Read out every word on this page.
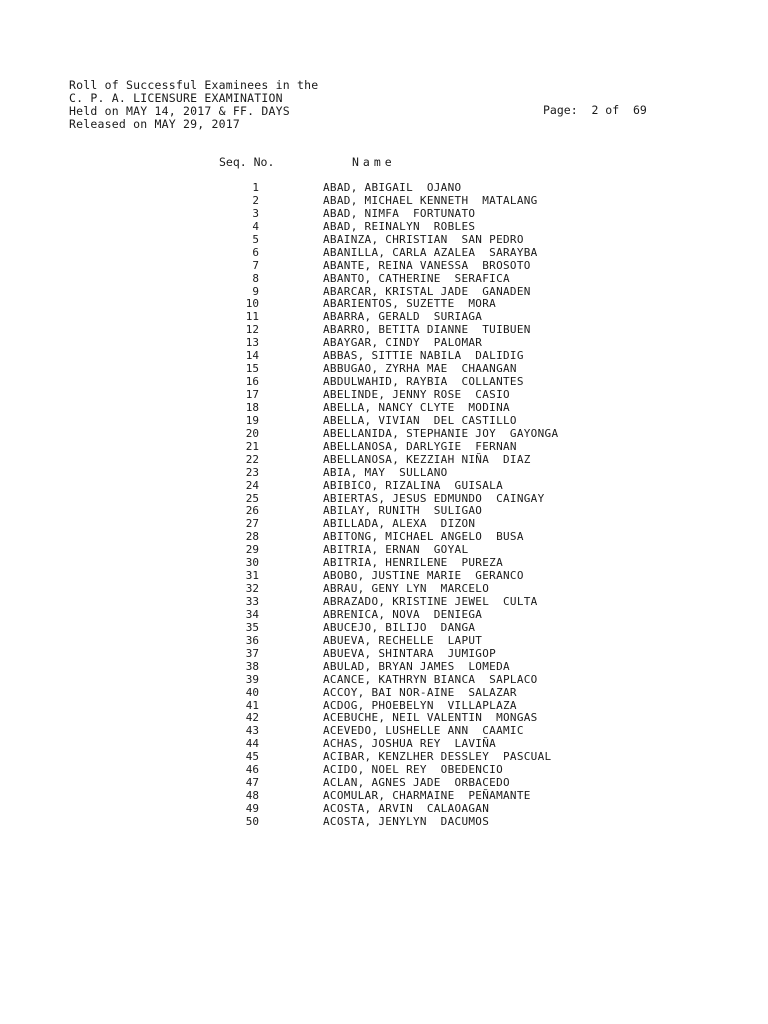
Roll of Successful Examinees in the
C. P. A. LICENSURE EXAMINATION
Held on MAY 14, 2017 & FF. DAYS
Released on MAY 29, 2017
Page:  2 of  69
Seq. No.	Name
1	ABAD, ABIGAIL  OJANO
2	ABAD, MICHAEL KENNETH  MATALANG
3	ABAD, NIMFA  FORTUNATO
4	ABAD, REINALYN  ROBLES
5	ABAINZA, CHRISTIAN  SAN PEDRO
6	ABANILLA, CARLA AZALEA  SARAYBA
7	ABANTE, REINA VANESSA  BROSOTO
8	ABANTO, CATHERINE  SERAFICA
9	ABARCAR, KRISTAL JADE  GANADEN
10	ABARIENTOS, SUZETTE  MORA
11	ABARRA, GERALD  SURIAGA
12	ABARRO, BETITA DIANNE  TUIBUEN
13	ABAYGAR, CINDY  PALOMAR
14	ABBAS, SITTIE NABILA  DALIDIG
15	ABBUGAO, ZYRHA MAE  CHAANGAN
16	ABDULWAHID, RAYBIA  COLLANTES
17	ABELINDE, JENNY ROSE  CASIO
18	ABELLA, NANCY CLYTE  MODINA
19	ABELLA, VIVIAN  DEL CASTILLO
20	ABELLANIDA, STEPHANIE JOY  GAYONGA
21	ABELLANOSA, DARLYGIE  FERNAN
22	ABELLANOSA, KEZZIAH NIÑA  DIAZ
23	ABIA, MAY  SULLANO
24	ABIBICO, RIZALINA  GUISALA
25	ABIERTAS, JESUS EDMUNDO  CAINGAY
26	ABILAY, RUNITH  SULIGAO
27	ABILLADA, ALEXA  DIZON
28	ABITONG, MICHAEL ANGELO  BUSA
29	ABITRIA, ERNAN  GOYAL
30	ABITRIA, HENRILENE  PUREZA
31	ABOBO, JUSTINE MARIE  GERANCO
32	ABRAU, GENY LYN  MARCELO
33	ABRAZADO, KRISTINE JEWEL  CULTA
34	ABRENICA, NOVA  DENIEGA
35	ABUCEJO, BILIJO  DANGA
36	ABUEVA, RECHELLE  LAPUT
37	ABUEVA, SHINTARA  JUMIGOP
38	ABULAD, BRYAN JAMES  LOMEDA
39	ACANCE, KATHRYN BIANCA  SAPLACO
40	ACCOY, BAI NOR-AINE  SALAZAR
41	ACDOG, PHOEBELYN  VILLAPLAZA
42	ACEBUCHE, NEIL VALENTIN  MONGAS
43	ACEVEDO, LUSHELLE ANN  CAAMIC
44	ACHAS, JOSHUA REY  LAVIÑA
45	ACIBAR, KENZLHER DESSLEY  PASCUAL
46	ACIDO, NOEL REY  OBEDENCIO
47	ACLAN, AGNES JADE  ORBACEDO
48	ACOMULAR, CHARMAINE  PEÑAMANTE
49	ACOSTA, ARVIN  CALAOAGAN
50	ACOSTA, JENYLYN  DACUMOS
